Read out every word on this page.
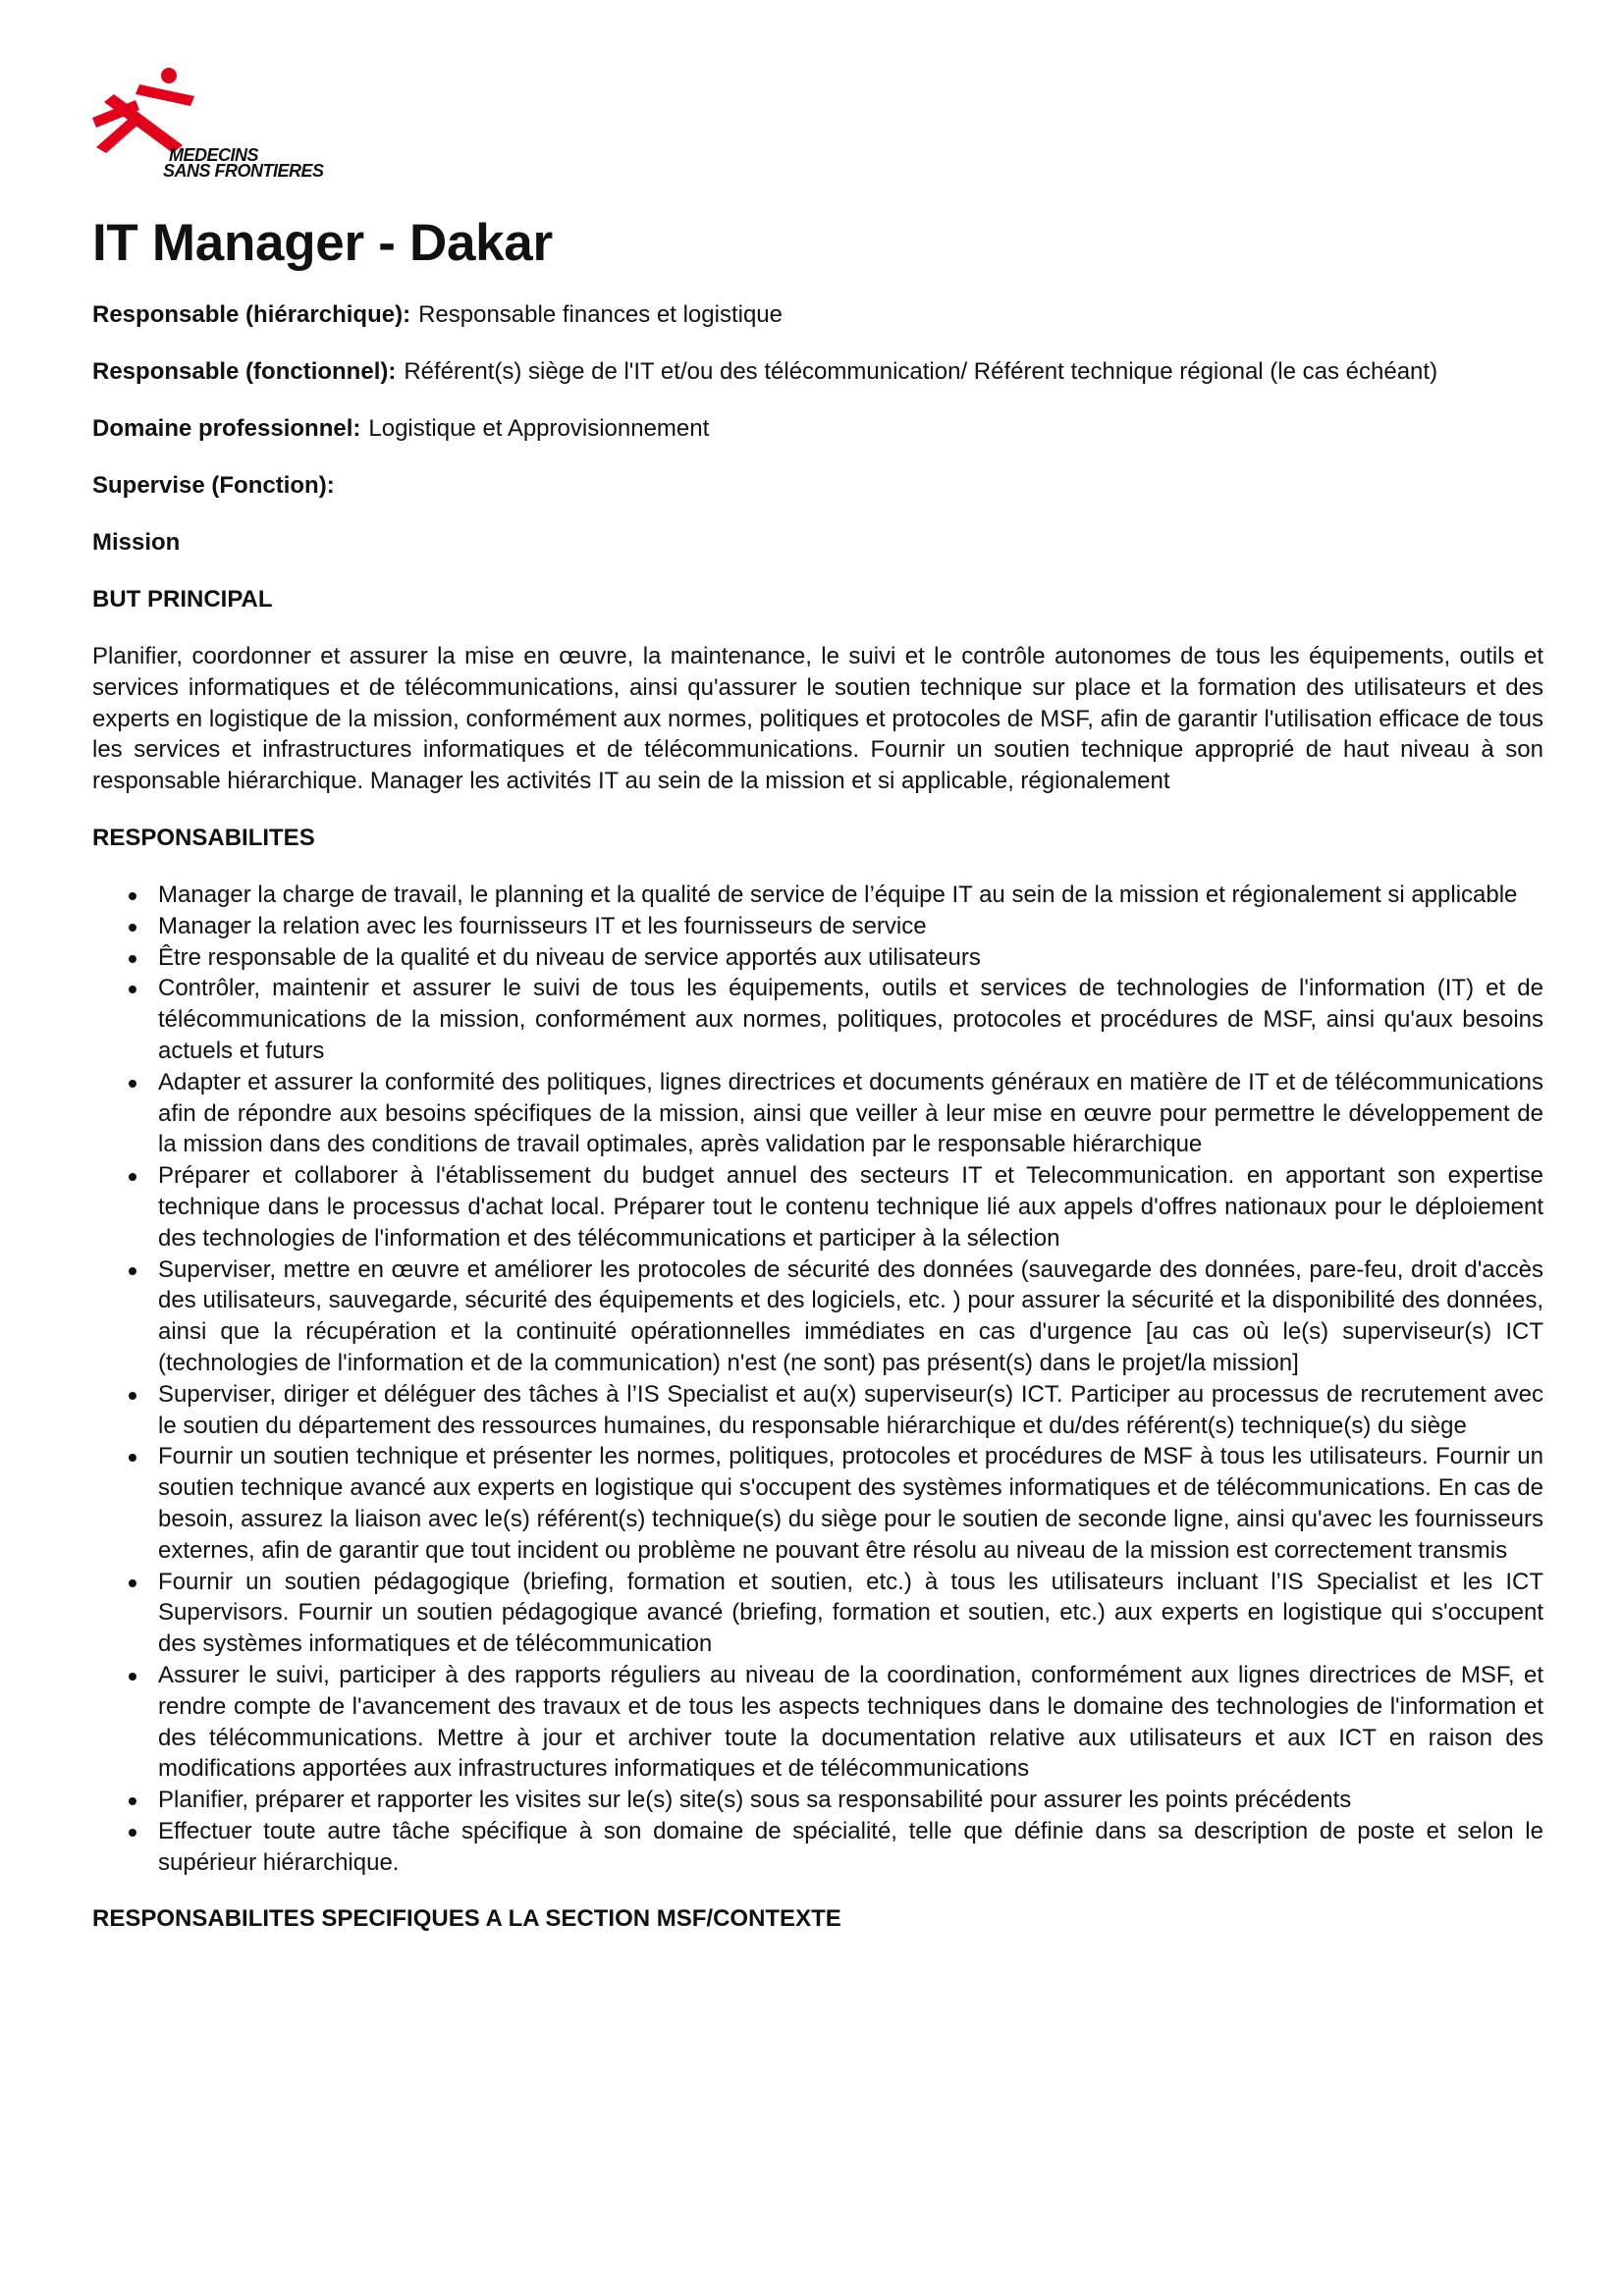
MEDECINS
SANS FRONTIERES
IT Manager - Dakar
Responsable (hiérarchique): Responsable finances et logistique
Responsable (fonctionnel): Référent(s) siège de l'IT et/ou des télécommunication/ Référent technique régional (le cas échéant)
Domaine professionnel: Logistique et Approvisionnement
Supervise (Fonction):
Mission
BUT PRINCIPAL
Planifier, coordonner et assurer la mise en œuvre, la maintenance, le suivi et le contrôle autonomes de tous les équipements, outils et services informatiques et de télécommunications, ainsi qu'assurer le soutien technique sur place et la formation des utilisateurs et des experts en logistique de la mission, conformément aux normes, politiques et protocoles de MSF, afin de garantir l'utilisation efficace de tous les services et infrastructures informatiques et de télécommunications. Fournir un soutien technique approprié de haut niveau à son responsable hiérarchique. Manager les activités IT au sein de la mission et si applicable, régionalement
RESPONSABILITES
Manager la charge de travail, le planning et la qualité de service de l’équipe IT au sein de la mission et régionalement si applicable
Manager la relation avec les fournisseurs IT et les fournisseurs de service
Être responsable de la qualité et du niveau de service apportés aux utilisateurs
Contrôler, maintenir et assurer le suivi de tous les équipements, outils et services de technologies de l'information (IT) et de télécommunications de la mission, conformément aux normes, politiques, protocoles et procédures de MSF, ainsi qu'aux besoins actuels et futurs
Adapter et assurer la conformité des politiques, lignes directrices et documents généraux en matière de IT et de télécommunications afin de répondre aux besoins spécifiques de la mission, ainsi que veiller à leur mise en œuvre pour permettre le développement de la mission dans des conditions de travail optimales, après validation par le responsable hiérarchique
Préparer et collaborer à l'établissement du budget annuel des secteurs IT et Telecommunication. en apportant son expertise technique dans le processus d'achat local. Préparer tout le contenu technique lié aux appels d'offres nationaux pour le déploiement des technologies de l'information et des télécommunications et participer à la sélection
Superviser, mettre en œuvre et améliorer les protocoles de sécurité des données (sauvegarde des données, pare-feu, droit d'accès des utilisateurs, sauvegarde, sécurité des équipements et des logiciels, etc. ) pour assurer la sécurité et la disponibilité des données, ainsi que la récupération et la continuité opérationnelles immédiates en cas d'urgence [au cas où le(s) superviseur(s) ICT (technologies de l'information et de la communication) n'est (ne sont) pas présent(s) dans le projet/la mission]
Superviser, diriger et déléguer des tâches à l’IS Specialist et au(x) superviseur(s) ICT. Participer au processus de recrutement avec le soutien du département des ressources humaines, du responsable hiérarchique et du/des référent(s) technique(s) du siège
Fournir un soutien technique et présenter les normes, politiques, protocoles et procédures de MSF à tous les utilisateurs. Fournir un soutien technique avancé aux experts en logistique qui s'occupent des systèmes informatiques et de télécommunications. En cas de besoin, assurez la liaison avec le(s) référent(s) technique(s) du siège pour le soutien de seconde ligne, ainsi qu'avec les fournisseurs externes, afin de garantir que tout incident ou problème ne pouvant être résolu au niveau de la mission est correctement transmis
Fournir un soutien pédagogique (briefing, formation et soutien, etc.) à tous les utilisateurs incluant l’IS Specialist et les ICT Supervisors. Fournir un soutien pédagogique avancé (briefing, formation et soutien, etc.) aux experts en logistique qui s'occupent des systèmes informatiques et de télécommunication
Assurer le suivi, participer à des rapports réguliers au niveau de la coordination, conformément aux lignes directrices de MSF, et rendre compte de l'avancement des travaux et de tous les aspects techniques dans le domaine des technologies de l'information et des télécommunications. Mettre à jour et archiver toute la documentation relative aux utilisateurs et aux ICT en raison des modifications apportées aux infrastructures informatiques et de télécommunications
Planifier, préparer et rapporter les visites sur le(s) site(s) sous sa responsabilité pour assurer les points précédents
Effectuer toute autre tâche spécifique à son domaine de spécialité, telle que définie dans sa description de poste et selon le supérieur hiérarchique.
RESPONSABILITES SPECIFIQUES A LA SECTION MSF/CONTEXTE
